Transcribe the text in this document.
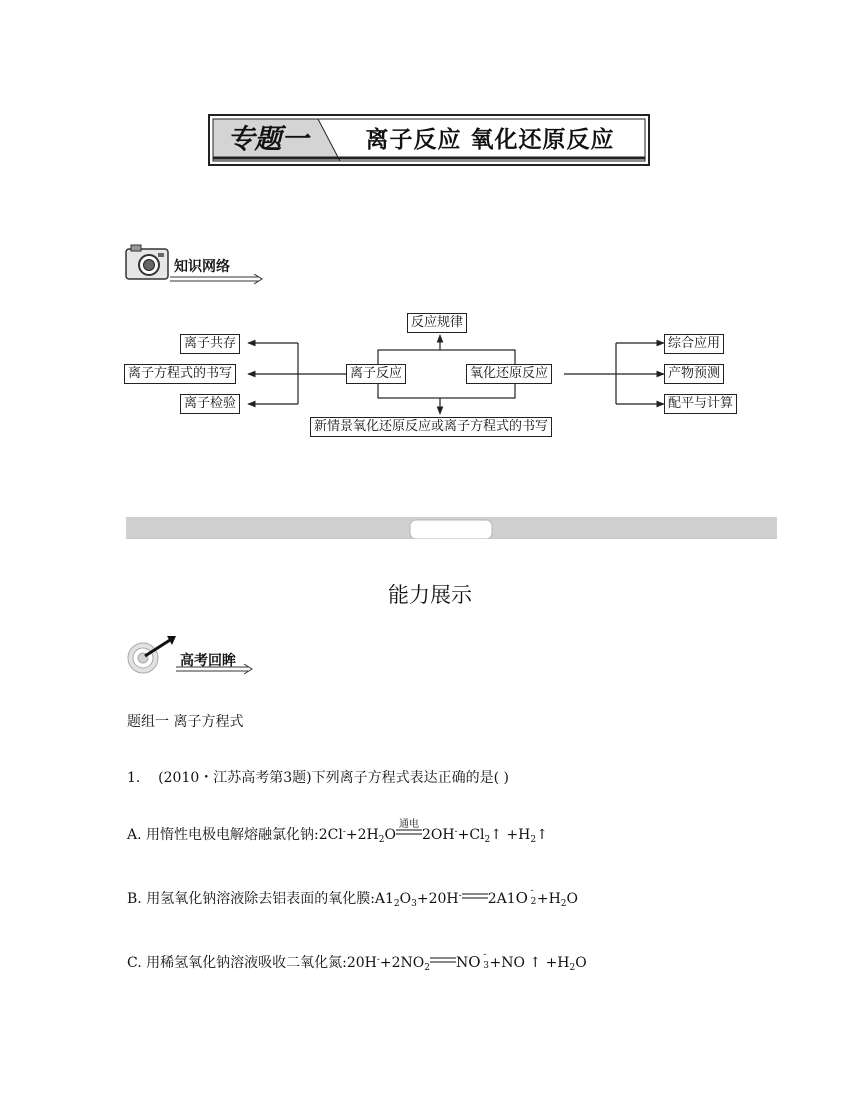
专题一	离子反应 氧化还原反应
知识网络
反应规律
离子反应	氧化还原反应
新情景氧化还原反应或离子方程式的书写
离子共存
离子方程式的书写
离子检验
综合应用
产物预测
配平与计算
能力展示
高考回眸
题组一 离子方程式
1. (2010・江苏高考第3题)下列离子方程式表达正确的是( )
A. 用惰性电极电解熔融氯化钠$:2Cl^-+2H_2O$
通电
$2OH^-+Cl_2↑$ $+H_2↑$
B. 用氢氧化钠溶液除去铝表面的氧化膜$:A1_2O_3+20H^-$ 2A1O -
$2 +H_2O$
C. 用稀氢氧化钠溶液吸收二氧化氮$:20H^-+2NO_2$ NO -
3 +NO ↑ $+H_2O$
